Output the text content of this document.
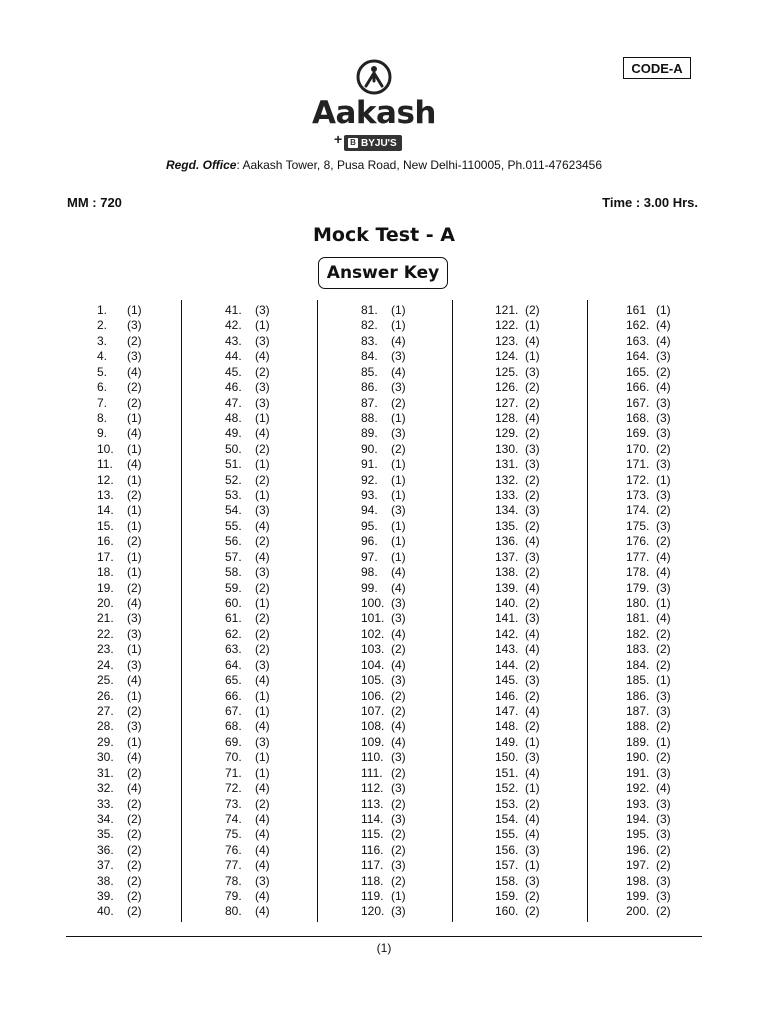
CODE-A
Aakash
+ B BYJU'S
Regd. Office: Aakash Tower, 8, Pusa Road, New Delhi-110005, Ph.011-47623456
MM : 720	Time : 3.00 Hrs.
Mock Test - A
Answer Key
1. (1)
2. (3)
3. (2)
4. (3)
5. (4)
6. (2)
7. (2)
8. (1)
9. (4)
10. (1)
11. (4)
12. (1)
13. (2)
14. (1)
15. (1)
16. (2)
17. (1)
18. (1)
19. (2)
20. (4)
21. (3)
22. (3)
23. (1)
24. (3)
25. (4)
26. (1)
27. (2)
28. (3)
29. (1)
30. (4)
31. (2)
32. (4)
33. (2)
34. (2)
35. (2)
36. (2)
37. (2)
38. (2)
39. (2)
40. (2)
41. (3)
42. (1)
43. (3)
44. (4)
45. (2)
46. (3)
47. (3)
48. (1)
49. (4)
50. (2)
51. (1)
52. (2)
53. (1)
54. (3)
55. (4)
56. (2)
57. (4)
58. (3)
59. (2)
60. (1)
61. (2)
62. (2)
63. (2)
64. (3)
65. (4)
66. (1)
67. (1)
68. (4)
69. (3)
70. (1)
71. (1)
72. (4)
73. (2)
74. (4)
75. (4)
76. (4)
77. (4)
78. (3)
79. (4)
80. (4)
81. (1)
82. (1)
83. (4)
84. (3)
85. (4)
86. (3)
87. (2)
88. (1)
89. (3)
90. (2)
91. (1)
92. (1)
93. (1)
94. (3)
95. (1)
96. (1)
97. (1)
98. (4)
99. (4)
100. (3)
101. (3)
102. (4)
103. (2)
104. (4)
105. (3)
106. (2)
107. (2)
108. (4)
109. (4)
110. (3)
111. (2)
112. (3)
113. (2)
114. (3)
115. (2)
116. (2)
117. (3)
118. (2)
119. (1)
120. (3)
121. (2)
122. (1)
123. (4)
124. (1)
125. (3)
126. (2)
127. (2)
128. (4)
129. (2)
130. (3)
131. (3)
132. (2)
133. (2)
134. (3)
135. (2)
136. (4)
137. (3)
138. (2)
139. (4)
140. (2)
141. (3)
142. (4)
143. (4)
144. (2)
145. (3)
146. (2)
147. (4)
148. (2)
149. (1)
150. (3)
151. (4)
152. (1)
153. (2)
154. (4)
155. (4)
156. (3)
157. (1)
158. (3)
159. (2)
160. (2)
161 (1)
162. (4)
163. (4)
164. (3)
165. (2)
166. (4)
167. (3)
168. (3)
169. (3)
170. (2)
171. (3)
172. (1)
173. (3)
174. (2)
175. (3)
176. (2)
177. (4)
178. (4)
179. (3)
180. (1)
181. (4)
182. (2)
183. (2)
184. (2)
185. (1)
186. (3)
187. (3)
188. (2)
189. (1)
190. (2)
191. (3)
192. (4)
193. (3)
194. (3)
195. (3)
196. (2)
197. (2)
198. (3)
199. (3)
200. (2)
(1)
